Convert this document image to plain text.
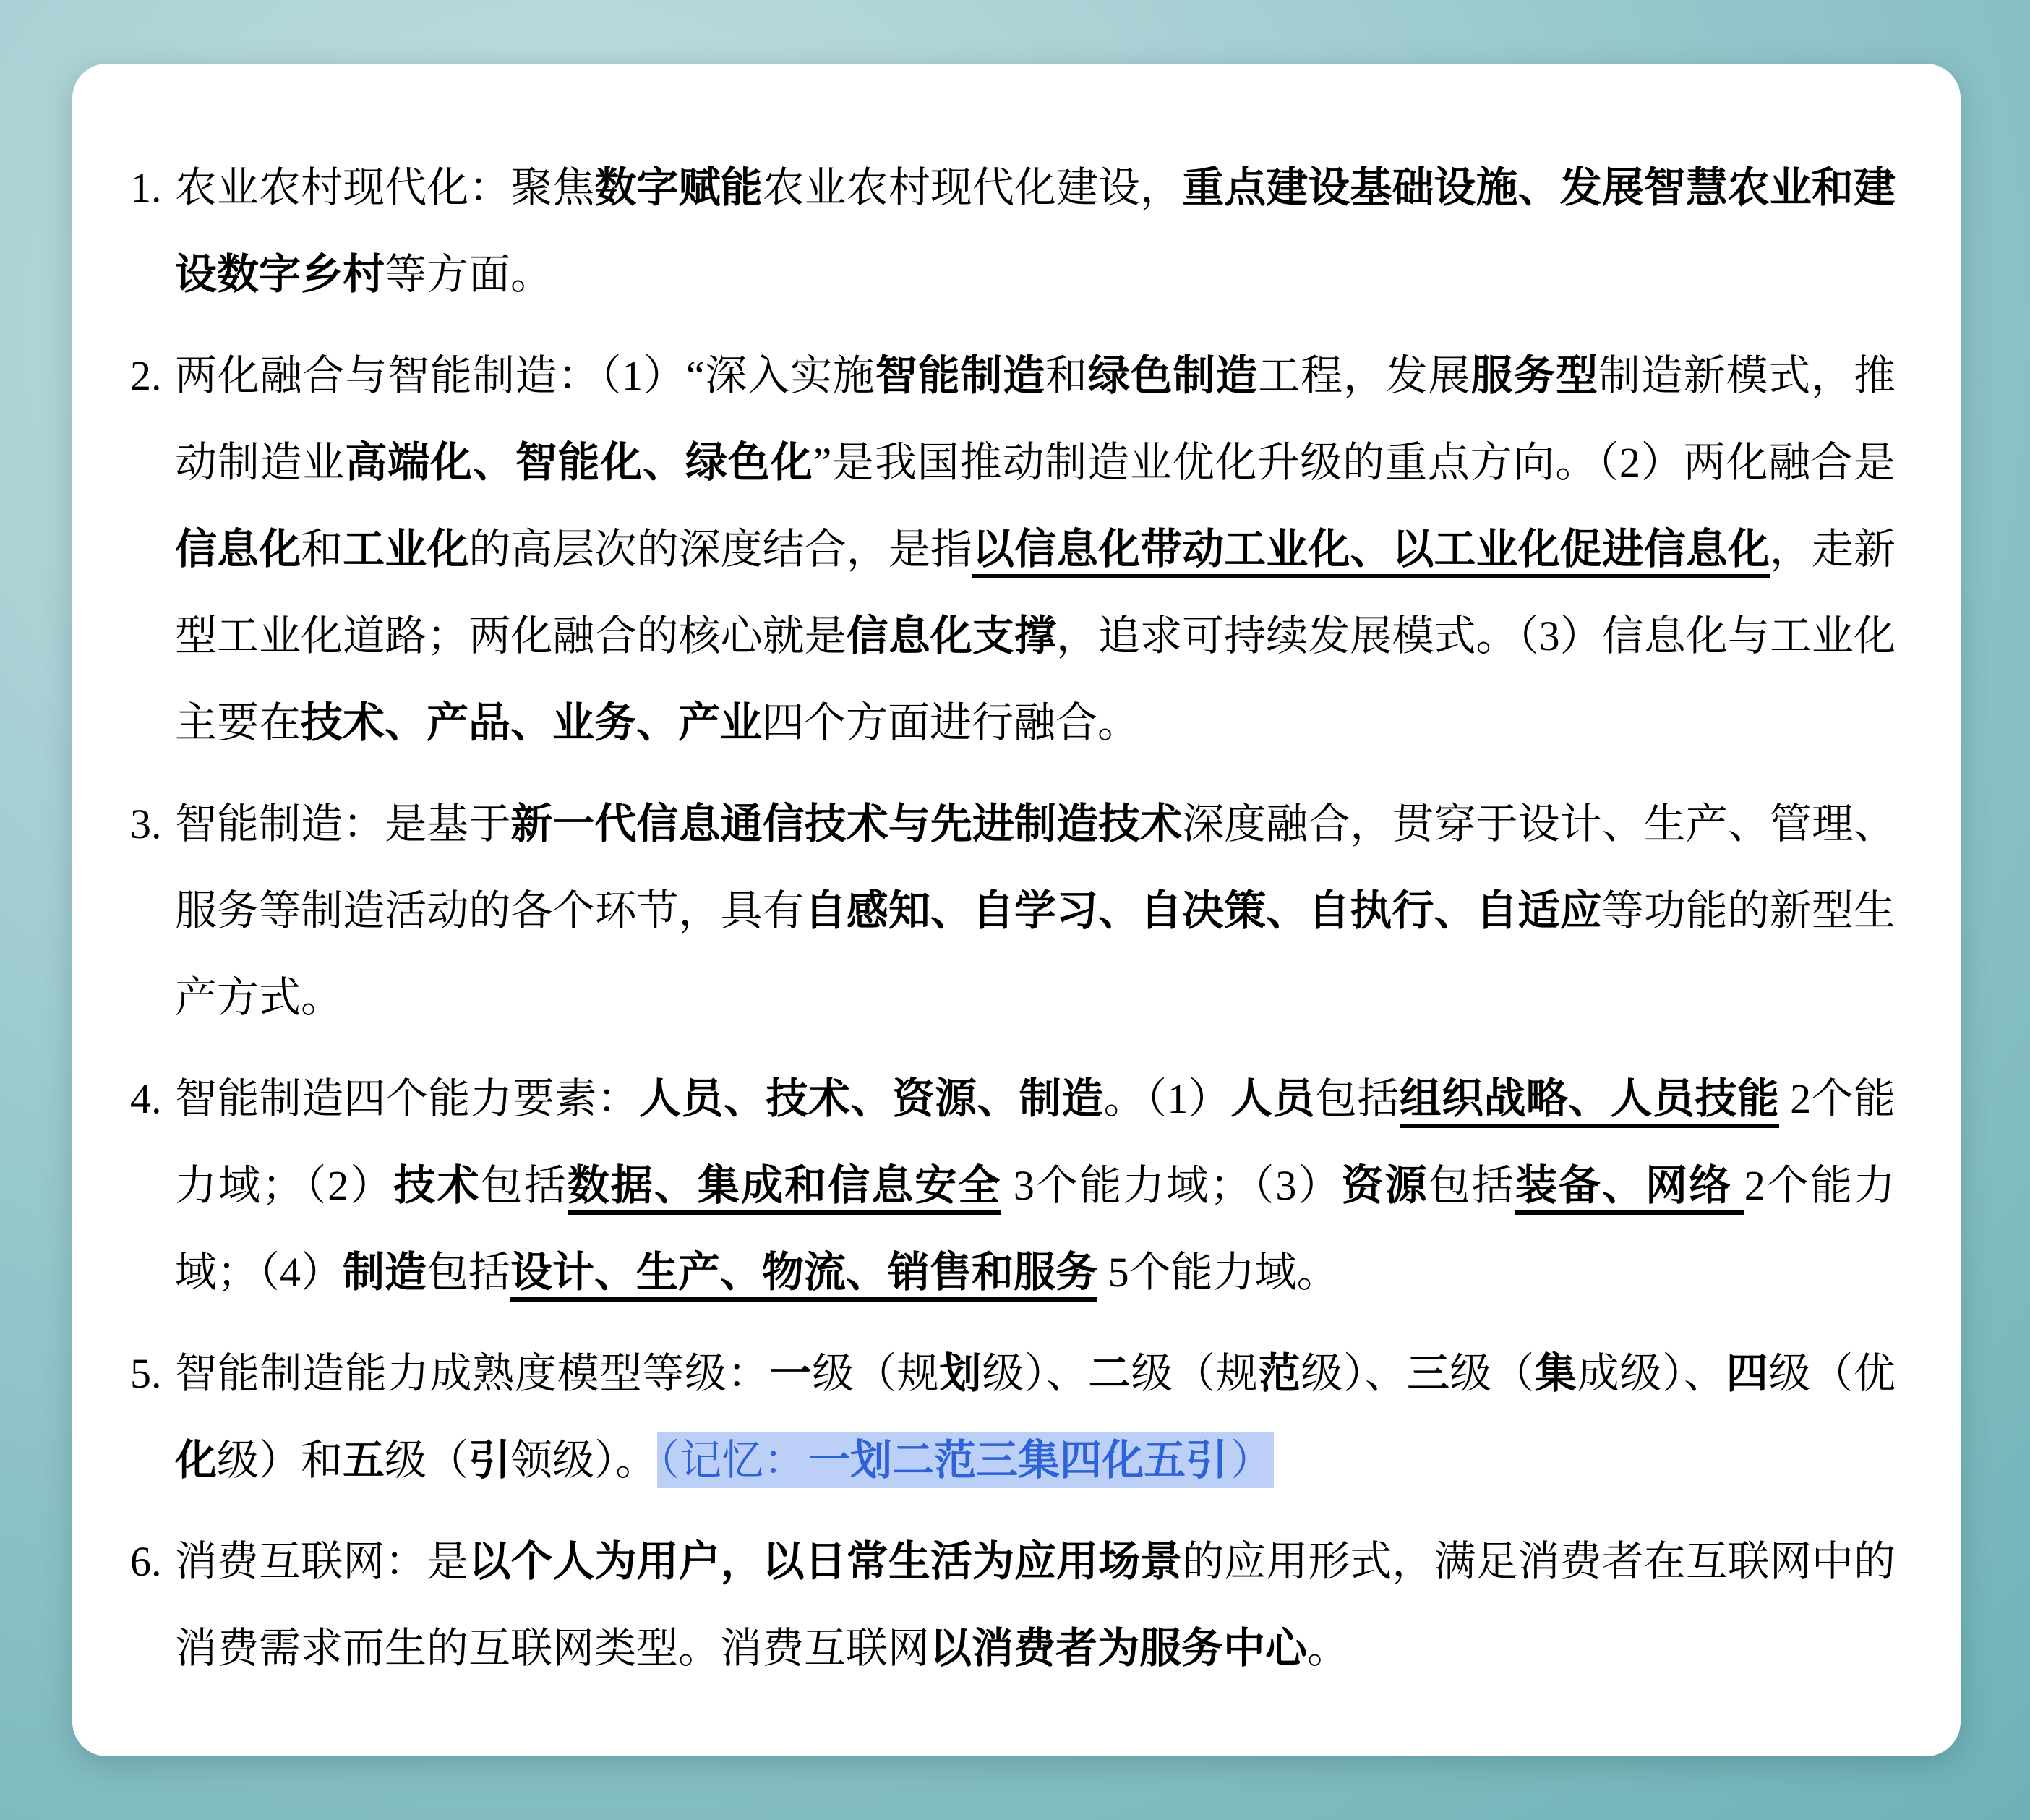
1. 农业农村现代化：聚焦数字赋能农业农村现代化建设，重点建设基础设施、发展智慧农业和建设数字乡村等方面。
2. 两化融合与智能制造：（1）“深入实施智能制造和绿色制造工程，发展服务型制造新模式，推动制造业高端化、智能化、绿色化”是我国推动制造业优化升级的重点方向。（2）两化融合是信息化和工业化的高层次的深度结合，是指以信息化带动工业化、以工业化促进信息化，走新型工业化道路；两化融合的核心就是信息化支撑，追求可持续发展模式。（3）信息化与工业化主要在技术、产品、业务、产业四个方面进行融合。
3. 智能制造：是基于新一代信息通信技术与先进制造技术深度融合，贯穿于设计、生产、管理、服务等制造活动的各个环节，具有自感知、自学习、自决策、自执行、自适应等功能的新型生产方式。
4. 智能制造四个能力要素：人员、技术、资源、制造。（1）人员包括组织战略、人员技能 2个能力域；（2）技术包括数据、集成和信息安全 3个能力域；（3）资源包括装备、网络 2个能力域；（4）制造包括设计、生产、物流、销售和服务 5个能力域。
5. 智能制造能力成熟度模型等级：一级（规划级）、二级（规范级）、三级（集成级）、四级（优化级）和五级（引领级）。（记忆：一划二范三集四化五引）
6. 消费互联网：是以个人为用户，以日常生活为应用场景的应用形式，满足消费者在互联网中的消费需求而生的互联网类型。消费互联网以消费者为服务中心。
